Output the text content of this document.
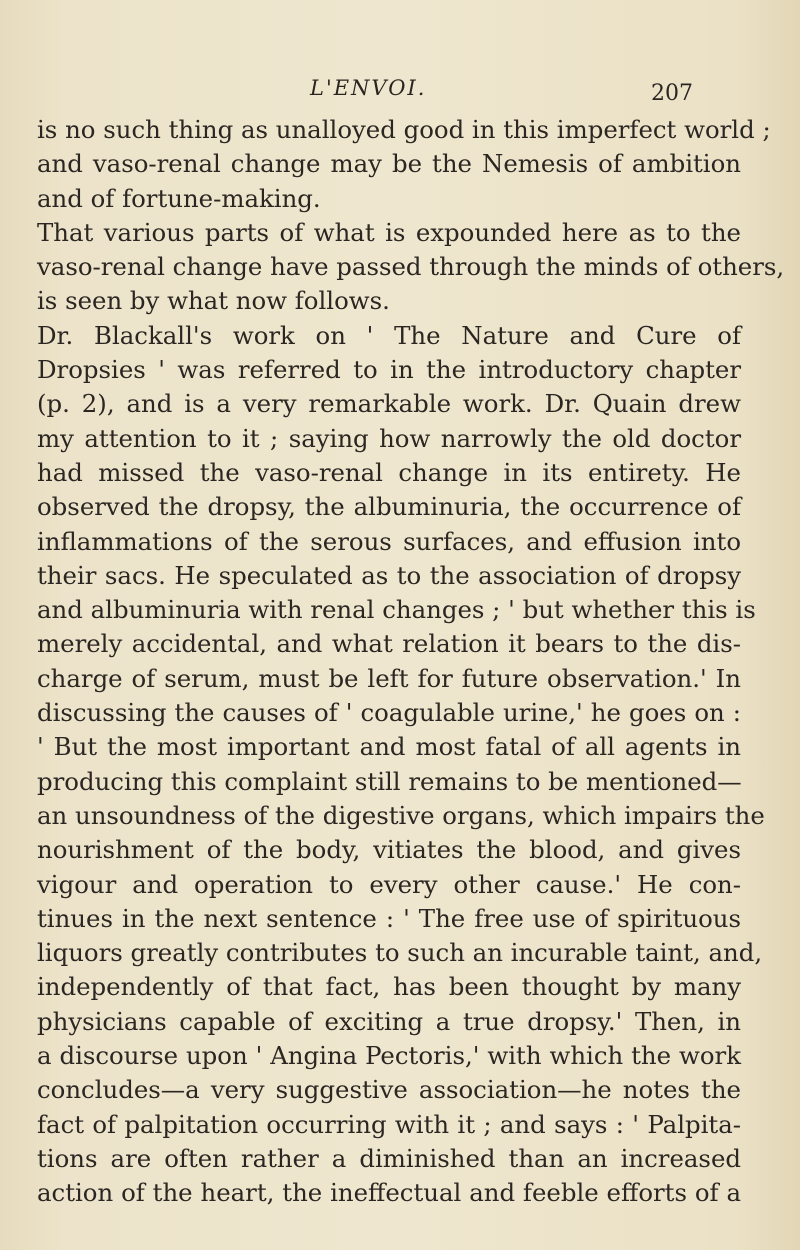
L'ENVOI.	207
is no such thing as unalloyed good in this imperfect world ;
and vaso-renal change may be the Nemesis of ambition
and of fortune-making.
That various parts of what is expounded here as to the
vaso-renal change have passed through the minds of others,
is seen by what now follows.
Dr. Blackall's work on ' The Nature and Cure of
Dropsies ' was referred to in the introductory chapter
(p. 2), and is a very remarkable work. Dr. Quain drew
my attention to it ; saying how narrowly the old doctor
had missed the vaso-renal change in its entirety. He
observed the dropsy, the albuminuria, the occurrence of
inflammations of the serous surfaces, and effusion into
their sacs. He speculated as to the association of dropsy
and albuminuria with renal changes ; ' but whether this is
merely accidental, and what relation it bears to the dis-
charge of serum, must be left for future observation.' In
discussing the causes of ' coagulable urine,' he goes on :
' But the most important and most fatal of all agents in
producing this complaint still remains to be mentioned—
an unsoundness of the digestive organs, which impairs the
nourishment of the body, vitiates the blood, and gives
vigour and operation to every other cause.' He con-
tinues in the next sentence : ' The free use of spirituous
liquors greatly contributes to such an incurable taint, and,
independently of that fact, has been thought by many
physicians capable of exciting a true dropsy.' Then, in
a discourse upon ' Angina Pectoris,' with which the work
concludes—a very suggestive association—he notes the
fact of palpitation occurring with it ; and says : ' Palpita-
tions are often rather a diminished than an increased
action of the heart, the ineffectual and feeble efforts of a
